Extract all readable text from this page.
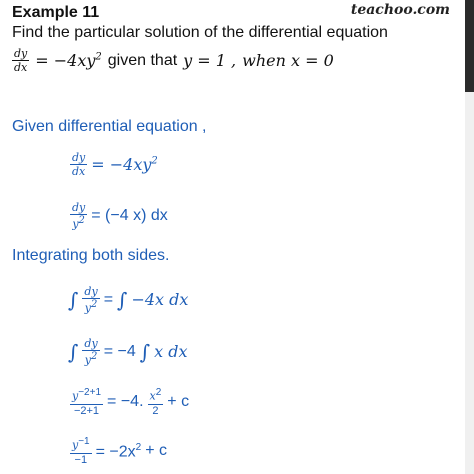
teachoo.com
Example 11
Find the particular solution of the differential equation
$\frac{dy}{dx} = -4xy^2$ given that y = 1 , when x = 0
Given differential equation ,
$\frac{dy}{dx} = -4xy^2$
$\frac{dy}{y^2} = (-4$ x) dx
Integrating both sides.
∫ $\frac{dy}{y^2}$ = ∫ −4x dx
∫ $\frac{dy}{y^2} = -4$ ∫ x dx
$\frac{y^{-2+1}}{-2+1} = -4$. $\frac{x^2}{2} + c$
$\frac{y^{-1}}{-1} = -2x^2 + c$
